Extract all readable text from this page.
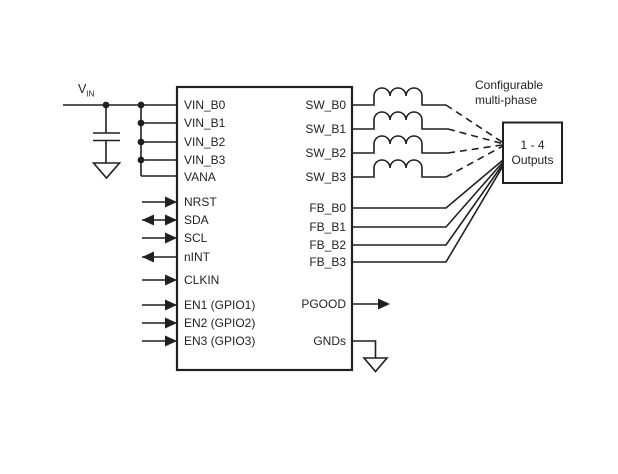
$V_{IN}$
VIN_B0
VIN_B1
VIN_B2
VIN_B3
VANA
NRST
SDA
SCL
nINT
CLKIN
EN1 (GPIO1)
EN2 (GPIO2)
EN3 (GPIO3)
SW_B0
SW_B1
SW_B2
SW_B3
FB_B0
FB_B1
FB_B2
FB_B3
PGOOD
GNDs
Configurable
multi-phase
1 - 4
Outputs
